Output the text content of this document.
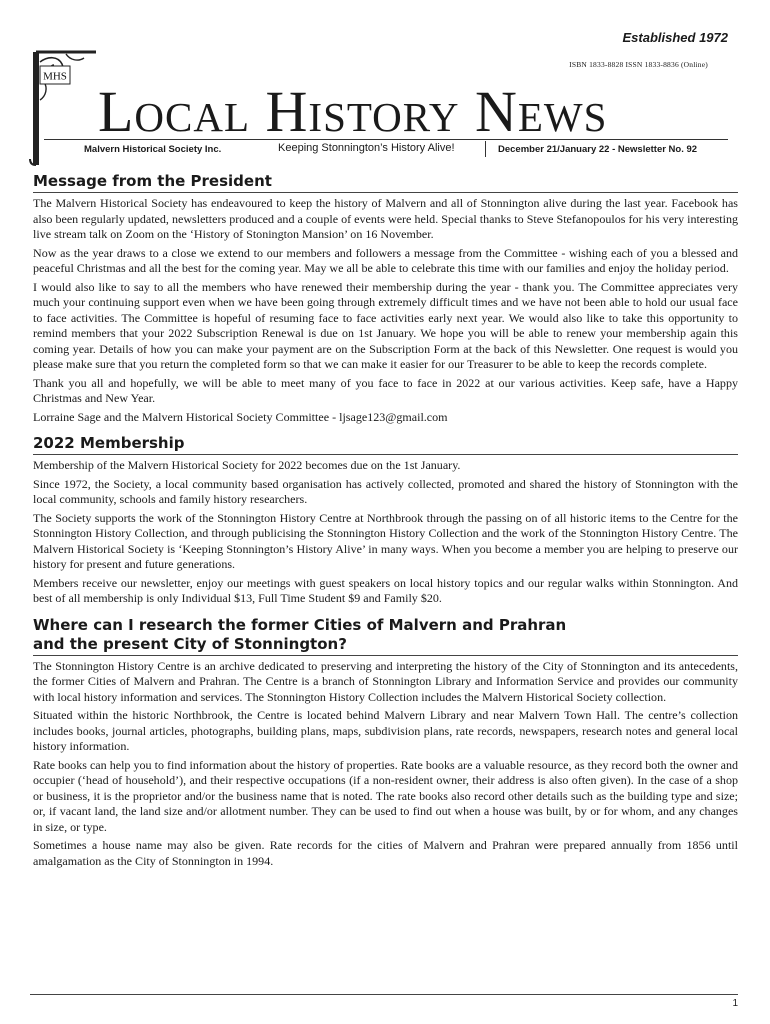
Established 1972
MHS
ISBN 1833-8828 ISSN 1833-8836 (Online)
Local History News
Malvern Historical Society Inc.	Keeping Stonnington’s History Alive!	December 21/January 22 - Newsletter No. 92
Message from the President

The Malvern Historical Society has endeavoured to keep the history of Malvern and all of Stonnington alive during the last year. Facebook has also been regularly updated, newsletters produced and a couple of events were held. Special thanks to Steve Stefanopoulos for his very interesting live stream talk on Zoom on the ‘History of Stonington Mansion’ on 16 November.

Now as the year draws to a close we extend to our members and followers a message from the Committee - wishing each of you a blessed and peaceful Christmas and all the best for the coming year. May we all be able to celebrate this time with our families and enjoy the holiday period.

I would also like to say to all the members who have renewed their membership during the year - thank you. The Committee appreciates very much your continuing support even when we have been going through extremely difficult times and we have not been able to hold our usual face to face activities. The Committee is hopeful of resuming face to face activities early next year. We would also like to take this opportunity to remind members that your 2022 Subscription Renewal is due on 1st January. We hope you will be able to renew your membership again this coming year. Details of how you can make your payment are on the Subscription Form at the back of this Newsletter. One request is would you please make sure that you return the completed form so that we can make it easier for our Treasurer to be able to keep the records complete.

Thank you all and hopefully, we will be able to meet many of you face to face in 2022 at our various activities. Keep safe, have a Happy Christmas and New Year.

Lorraine Sage and the Malvern Historical Society Committee - ljsage123@gmail.com

2022 Membership

Membership of the Malvern Historical Society for 2022 becomes due on the 1st January.

Since 1972, the Society, a local community based organisation has actively collected, promoted and shared the history of Stonnington with the local community, schools and family history researchers.

The Society supports the work of the Stonnington History Centre at Northbrook through the passing on of all historic items to the Centre for the Stonnington History Collection, and through publicising the Stonnington History Collection and the work of the Stonnington History Centre. The Malvern Historical Society is ‘Keeping Stonnington’s History Alive’ in many ways. When you become a member you are helping to preserve our history for present and future generations.

Members receive our newsletter, enjoy our meetings with guest speakers on local history topics and our regular walks within Stonnington. And best of all membership is only Individual $13, Full Time Student $9 and Family $20.

Where can I research the former Cities of Malvern and Prahran
and the present City of Stonnington?

The Stonnington History Centre is an archive dedicated to preserving and interpreting the history of the City of Stonnington and its antecedents, the former Cities of Malvern and Prahran. The Centre is a branch of Stonnington Library and Information Service and provides our community with local history information and services. The Stonnington History Collection includes the Malvern Historical Society collection.

Situated within the historic Northbrook, the Centre is located behind Malvern Library and near Malvern Town Hall. The centre’s collection includes books, journal articles, photographs, building plans, maps, subdivision plans, rate records, newspapers, research notes and general local history information.

Rate books can help you to find information about the history of properties. Rate books are a valuable resource, as they record both the owner and occupier (‘head of household’), and their respective occupations (if a non-resident owner, their address is also often given). In the case of a shop or business, it is the proprietor and/or the business name that is noted. The rate books also record other details such as the building type and size; or, if vacant land, the land size and/or allotment number. They can be used to find out when a house was built, by or for whom, and any changes in size, or type.

Sometimes a house name may also be given. Rate records for the cities of Malvern and Prahran were prepared annually from 1856 until amalgamation as the City of Stonnington in 1994.

1
